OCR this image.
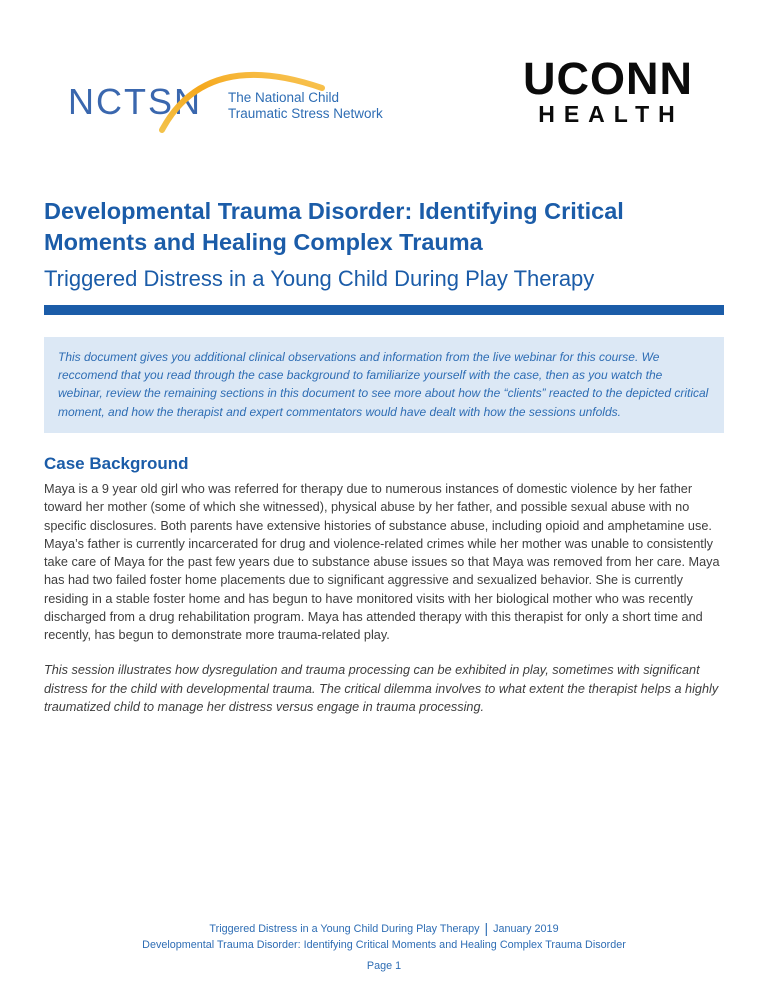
NCTSN The National Child
Traumatic Stress Network
UCONN
HEALTH
Developmental Trauma Disorder: Identifying Critical
Moments and Healing Complex Trauma
Triggered Distress in a Young Child During Play Therapy
This document gives you additional clinical observations and information from the live webinar for this course. We reccomend that you read through the case background to familiarize yourself with the case, then as you watch the webinar, review the remaining sections in this document to see more about how the “clients” reacted to the depicted critical moment, and how the therapist and expert commentators would have dealt with how the sessions unfolds.
Case Background
Maya is a 9 year old girl who was referred for therapy due to numerous instances of domestic violence by her father toward her mother (some of which she witnessed), physical abuse by her father, and possible sexual abuse with no specific disclosures. Both parents have extensive histories of substance abuse, including opioid and amphetamine use. Maya’s father is currently incarcerated for drug and violence-related crimes while her mother was unable to consistently take care of Maya for the past few years due to substance abuse issues so that Maya was removed from her care. Maya has had two failed foster home placements due to significant aggressive and sexualized behavior. She is currently residing in a stable foster home and has begun to have monitored visits with her biological mother who was recently discharged from a drug rehabilitation program. Maya has attended therapy with this therapist for only a short time and recently, has begun to demonstrate more trauma-related play.
This session illustrates how dysregulation and trauma processing can be exhibited in play, sometimes with significant distress for the child with developmental trauma. The critical dilemma involves to what extent the therapist helps a highly traumatized child to manage her distress versus engage in trauma processing.
Triggered Distress in a Young Child During Play Therapy | January 2019
Developmental Trauma Disorder: Identifying Critical Moments and Healing Complex Trauma Disorder
Page 1
